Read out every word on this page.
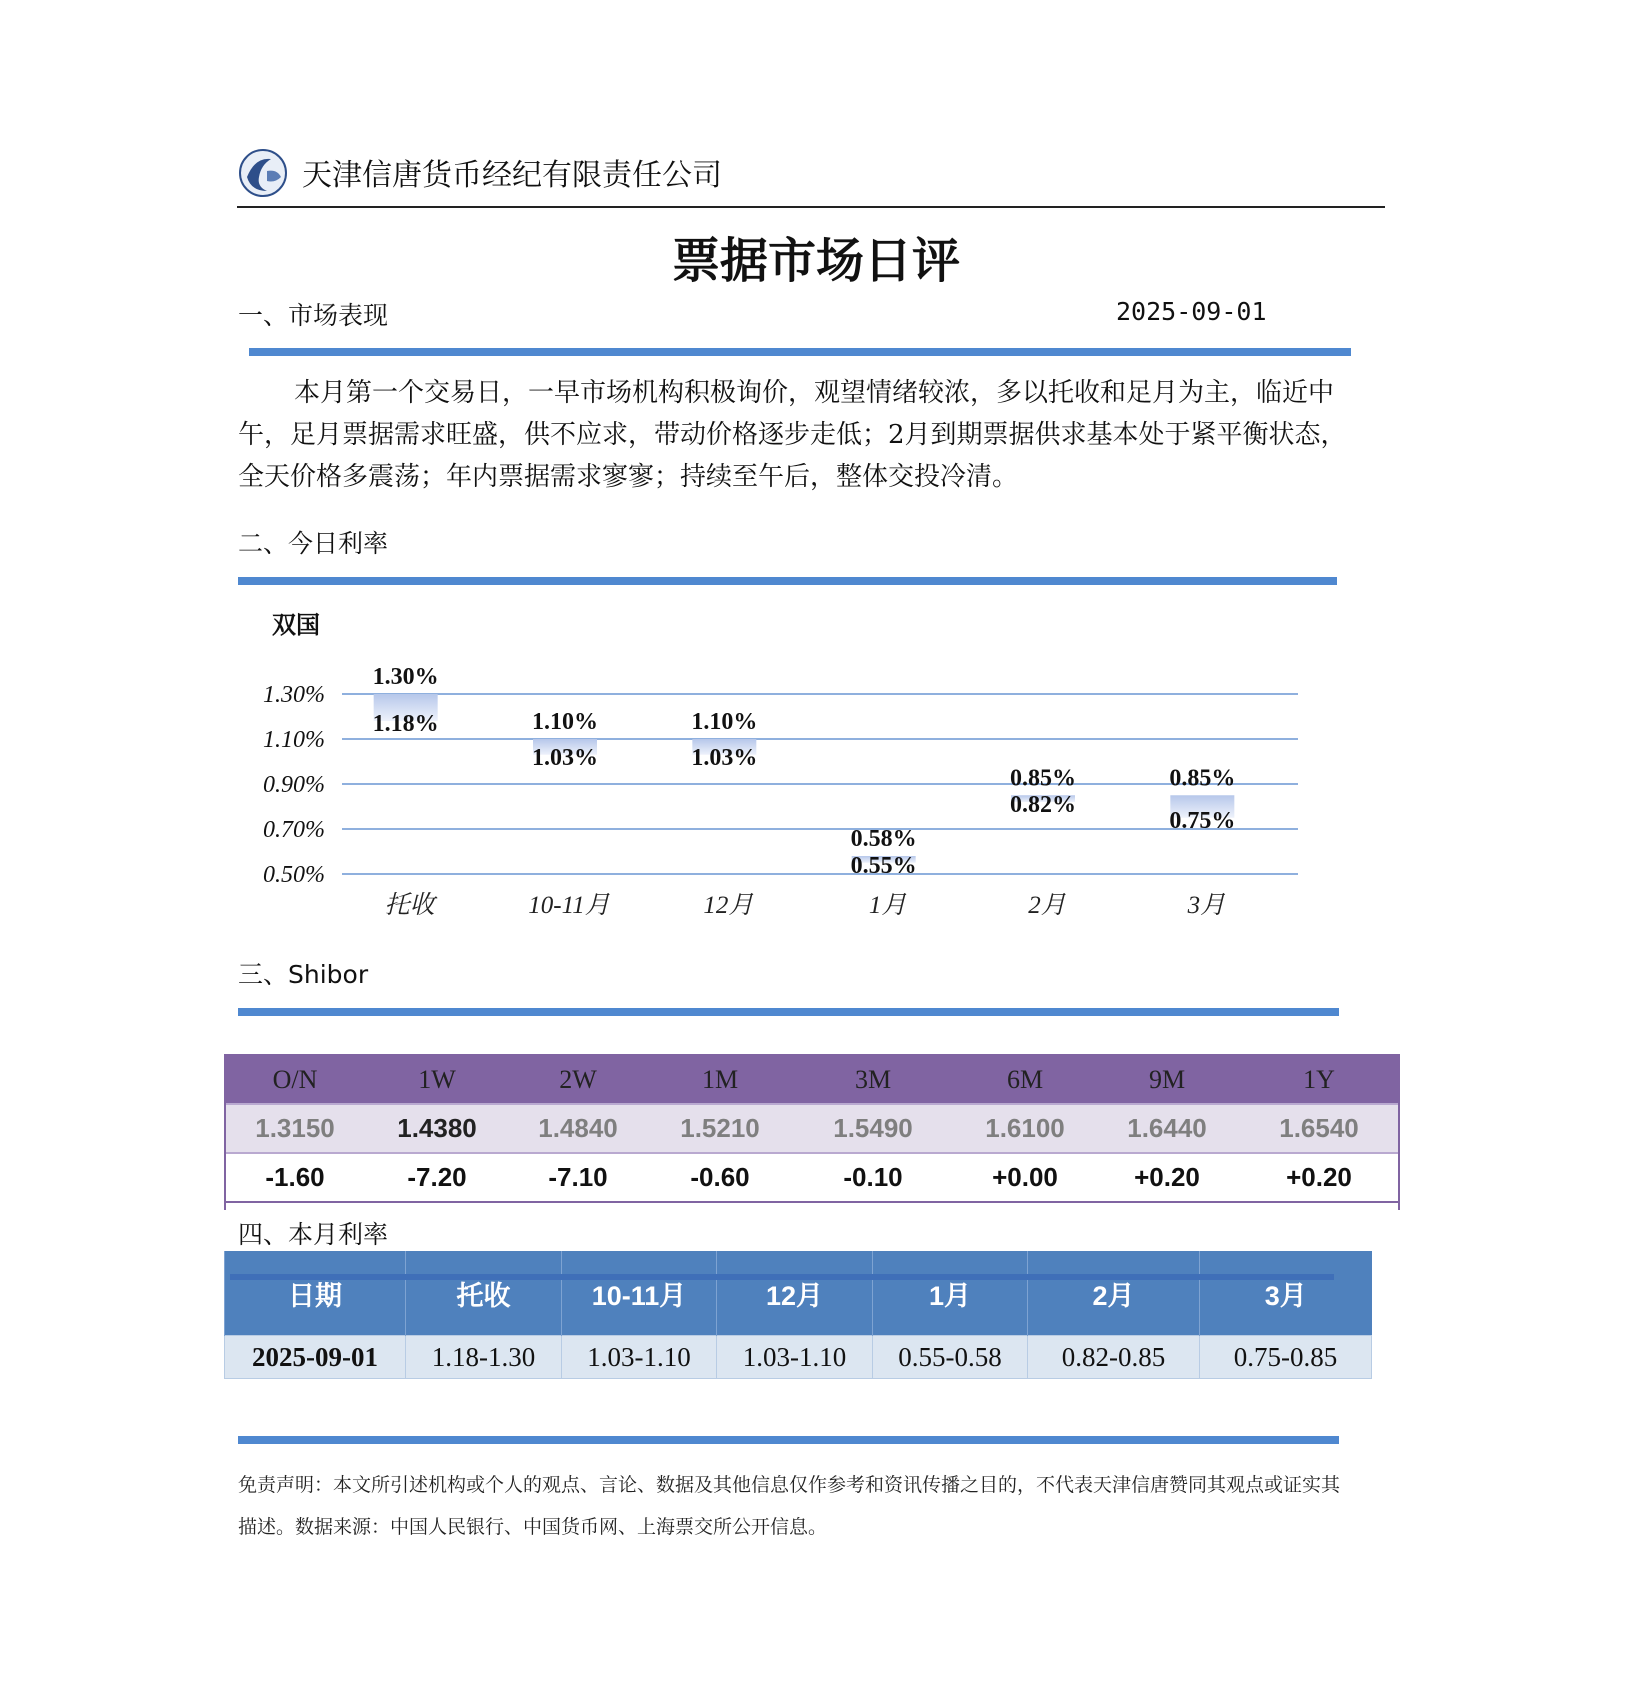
天津信唐货币经纪有限责任公司
票据市场日评
一、市场表现	2025-09-01
本月第一个交易日，一早市场机构积极询价，观望情绪较浓，多以托收和足月为主，临近中午，足月票据需求旺盛，供不应求，带动价格逐步走低；2月到期票据供求基本处于紧平衡状态，全天价格多震荡；年内票据需求寥寥；持续至午后，整体交投冷清。
二、今日利率
双国
1.30%
1.10%
0.90%
0.70%
0.50%
1.30%
1.18%	1.10%
1.03%
1.10%
1.03%
0.58%
0.55%
0.85%
0.82%
0.85%
0.75%
托收	10-11月	12月	1月	2月	3月
三、Shibor
O/N	1W	2W	1M	3M	6M	9M	1Y
1.3150	1.4380	1.4840	1.5210	1.5490	1.6100	1.6440	1.6540
-1.60	-7.20	-7.10	-0.60	-0.10	+0.00	+0.20	+0.20
四、本月利率
日期	托收	10-11月	12月	1月	2月	3月
2025-09-01	1.18-1.30	1.03-1.10	1.03-1.10	0.55-0.58	0.82-0.85	0.75-0.85
免责声明：本文所引述机构或个人的观点、言论、数据及其他信息仅作参考和资讯传播之目的，不代表天津信唐赞同其观点或证实其描述。数据来源：中国人民银行、中国货币网、上海票交所公开信息。
